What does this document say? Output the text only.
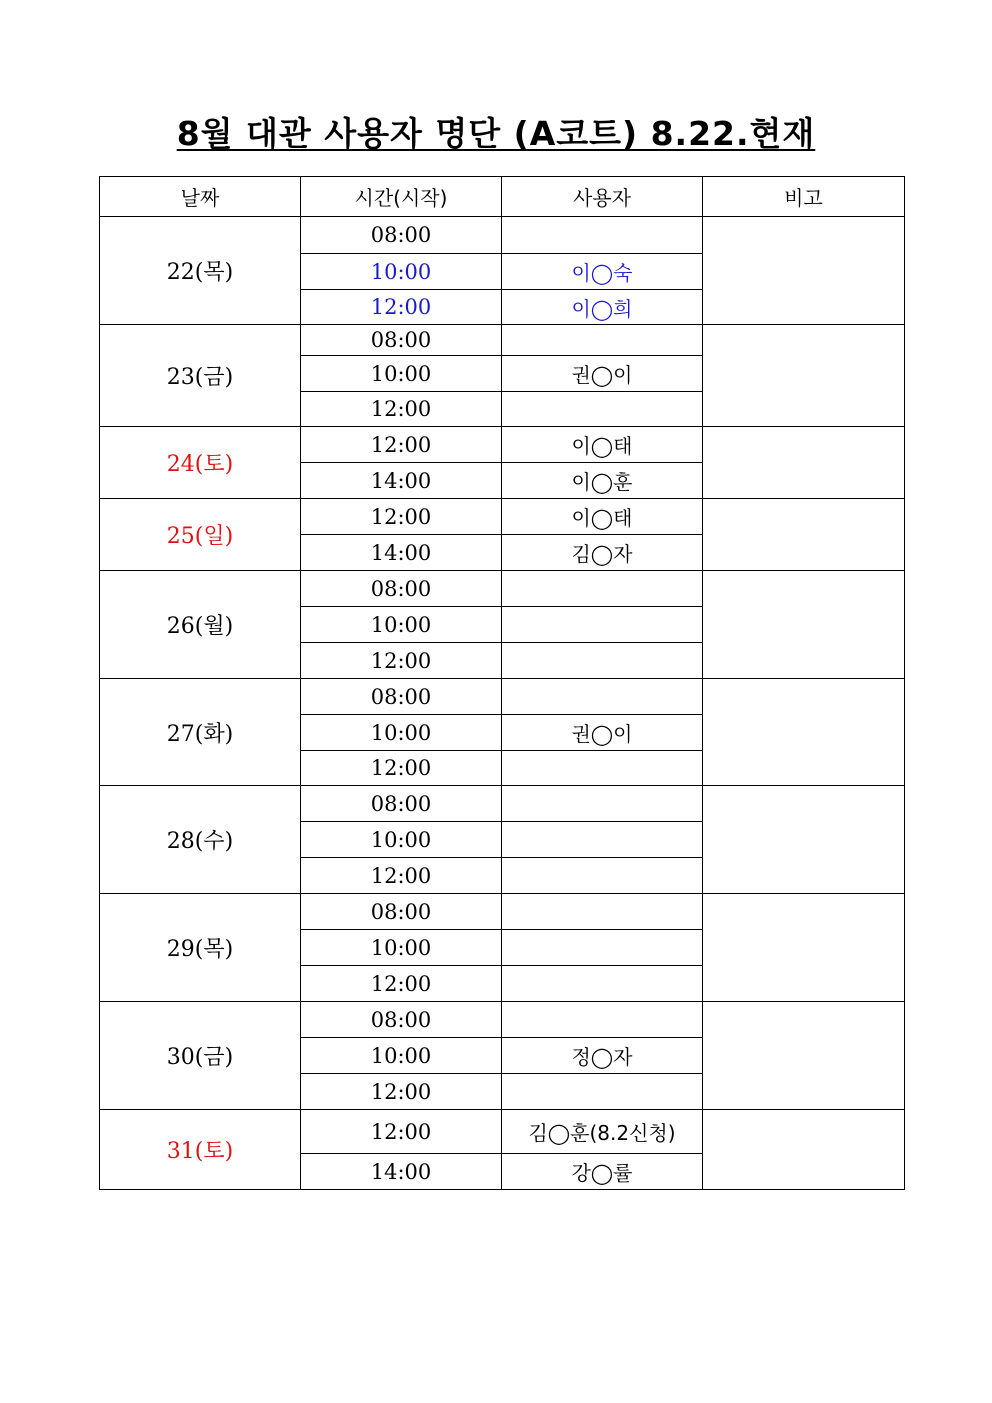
8월 대관 사용자 명단 (A코트) 8.22.현재
날짜	시간(시작)	사용자	비고
22(목)	08:00		
	10:00	이◯숙	
	12:00	이◯희	
23(금)	08:00		
	10:00	권◯이	
	12:00		
24(토)	12:00	이◯태	
	14:00	이◯훈	
25(일)	12:00	이◯태	
	14:00	김◯자	
26(월)	08:00		
	10:00		
	12:00		
27(화)	08:00		
	10:00	권◯이	
	12:00		
28(수)	08:00		
	10:00		
	12:00		
29(목)	08:00		
	10:00		
	12:00		
30(금)	08:00		
	10:00	정◯자	
	12:00		
31(토)	12:00	김◯훈(8.2신청)	
	14:00	강◯률	
